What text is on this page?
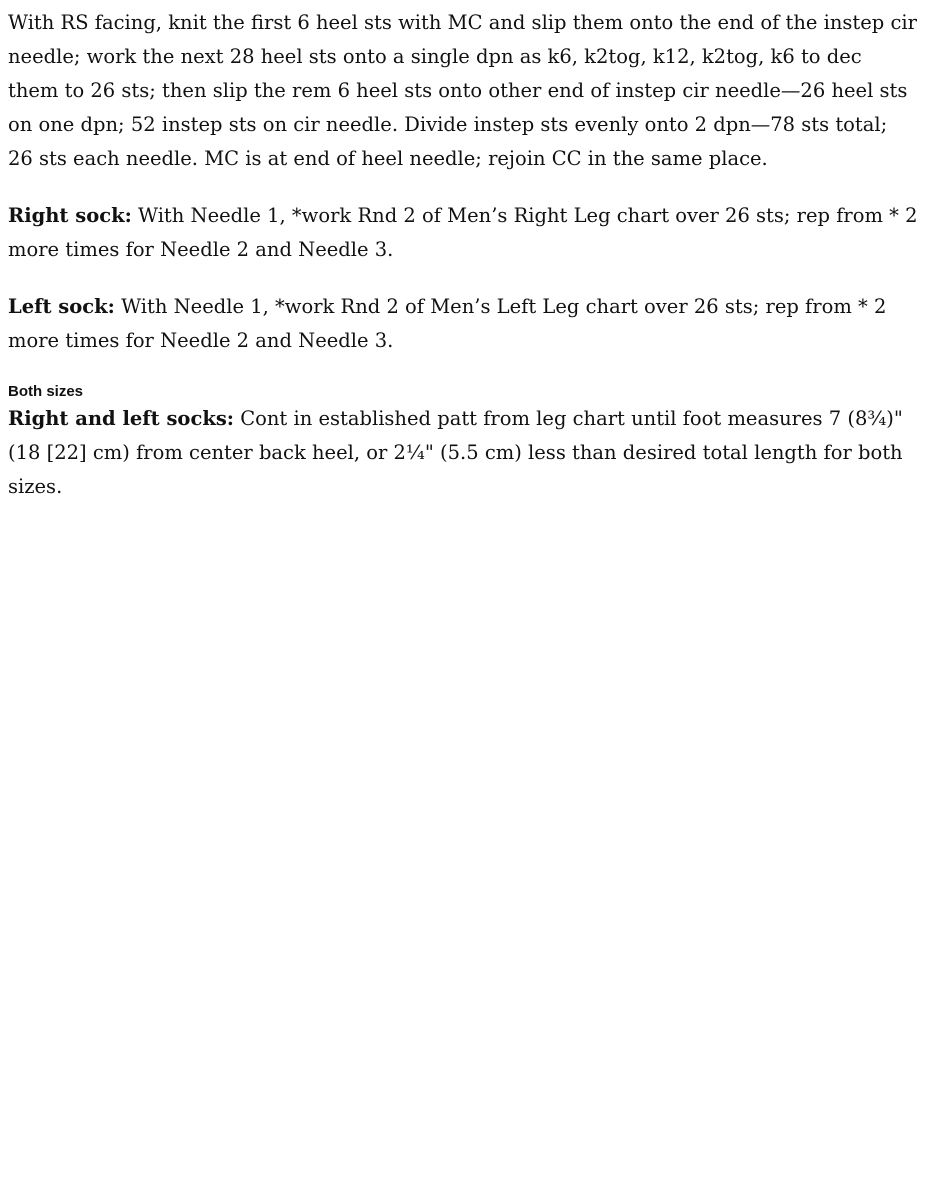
With RS facing, knit the first 6 heel sts with MC and slip them onto the end of the instep cir needle; work the next 28 heel sts onto a single dpn as k6, k2tog, k12, k2tog, k6 to dec them to 26 sts; then slip the rem 6 heel sts onto other end of instep cir needle—26 heel sts on one dpn; 52 instep sts on cir needle. Divide instep sts evenly onto 2 dpn—78 sts total; 26 sts each needle. MC is at end of heel needle; rejoin CC in the same place.

Right sock: With Needle 1, *work Rnd 2 of Men’s Right Leg chart over 26 sts; rep from * 2 more times for Needle 2 and Needle 3.

Left sock: With Needle 1, *work Rnd 2 of Men’s Left Leg chart over 26 sts; rep from * 2 more times for Needle 2 and Needle 3.

Both sizes

Right and left socks: Cont in established patt from leg chart until foot measures 7 (8¾)" (18 [22] cm) from center back heel, or 2¼" (5.5 cm) less than desired total length for both sizes.
